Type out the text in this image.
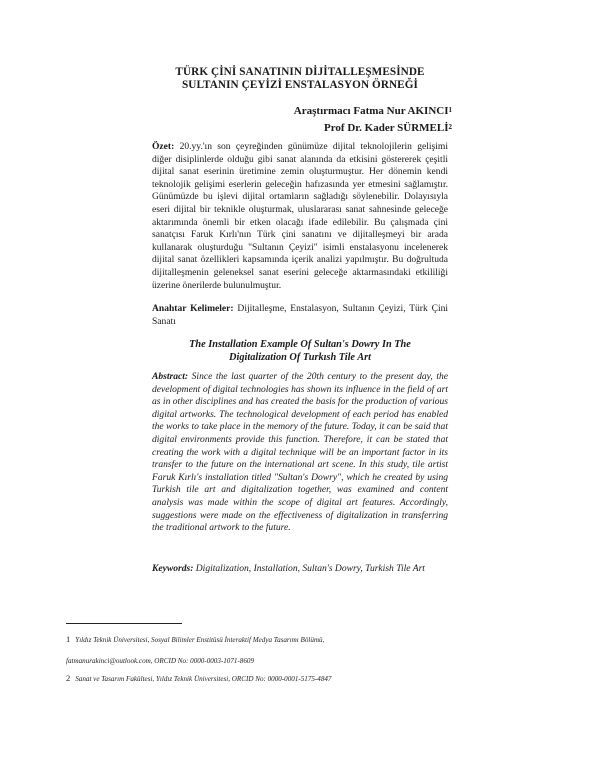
TÜRK ÇİNİ SANATININ DİJİTALLEŞMESİNDE
SULTANIN ÇEYİZİ ENSTALASYON ÖRNEĞİ
Araştırmacı Fatma Nur AKINCI$^1$
Prof Dr. Kader SÜRMELİ$^2$
Özet: 20.yy.'ın son çeyreğinden günümüze dijital teknolojilerin gelişimi diğer disiplinlerde olduğu gibi sanat alanında da etkisini göstererek çeşitli dijital sanat eserinin üretimine zemin oluşturmuştur. Her dönemin kendi teknolojik gelişimi eserlerin geleceğin hafızasında yer etmesini sağlamıştır. Günümüzde bu işlevi dijital ortamların sağladığı söylenebilir. Dolayısıyla eseri dijital bir teknikle oluşturmak, uluslararası sanat sahnesinde geleceğe aktarımında önemli bir etken olacağı ifade edilebilir. Bu çalışmada çini sanatçısı Faruk Kırlı'nın Türk çini sanatını ve dijitalleşmeyi bir arada kullanarak oluşturduğu "Sultanın Çeyizi" isimli enstalasyonu incelenerek dijital sanat özellikleri kapsamında içerik analizi yapılmıştır. Bu doğrultuda dijitalleşmenin geleneksel sanat eserini geleceğe aktarmasındaki etkililiği üzerine önerilerde bulunulmuştur.
Anahtar Kelimeler: Dijitalleşme, Enstalasyon, Sultanın Çeyizi, Türk Çini Sanatı
The Installation Example Of Sultan's Dowry In The
Digitalization Of Turkısh Tile Art
Abstract: Since the last quarter of the 20th century to the present day, the development of digital technologies has shown its influence in the field of art as in other disciplines and has created the basis for the production of various digital artworks. The technological development of each period has enabled the works to take place in the memory of the future. Today, it can be said that digital environments provide this function. Therefore, it can be stated that creating the work with a digital technique will be an important factor in its transfer to the future on the international art scene. In this study, tile artist Faruk Kırlı's installation titled "Sultan's Dowry", which he created by using Turkish tile art and digitalization together, was examined and content analysis was made within the scope of digital art features. Accordingly, suggestions were made on the effectiveness of digitalization in transferring the traditional artwork to the future.
Keywords: Digitalization, Installation, Sultan's Dowry, Turkish Tile Art
1 Yıldız Teknik Üniversitesi, Sosyal Bilimler Enstitüsü İnteraktif Medya Tasarımı Bölümü,
fatmanurakinci@outlook.com, ORCID No: 0000-0003-1071-8609
2 Sanat ve Tasarım Fakültesi, Yıldız Teknik Üniversitesi, ORCID No: 0000-0001-5175-4847
